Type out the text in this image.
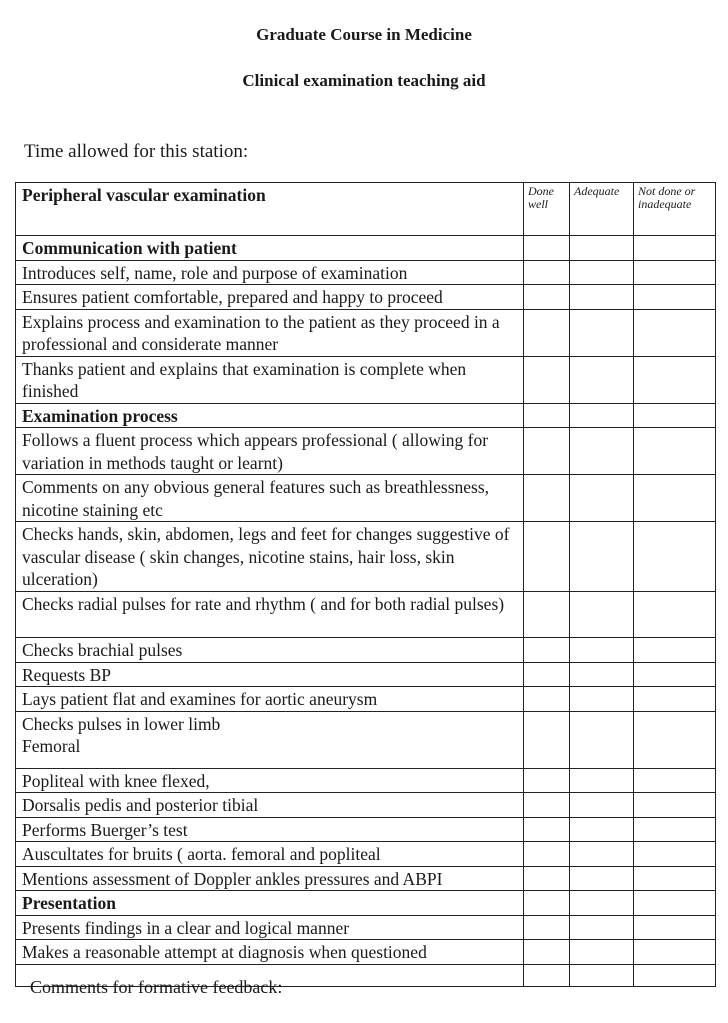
Graduate Course in Medicine
Clinical examination teaching aid
Time allowed for this station:
Peripheral vascular examination	Done well	Adequate	Not done or inadequate
Communication with patient			
Introduces self, name, role and purpose of examination			
Ensures patient comfortable, prepared and happy to proceed			
Explains process and examination to the patient as they proceed in a professional and considerate manner			
Thanks patient and explains that examination is complete when finished			
Examination process			
Follows a fluent process which appears professional ( allowing for variation in methods taught or learnt)			
Comments on any obvious general features such as breathlessness, nicotine staining etc			
Checks hands, skin, abdomen, legs and feet for changes suggestive of vascular disease ( skin changes, nicotine stains, hair loss, skin ulceration)			
Checks radial pulses for rate and rhythm ( and for both radial pulses)			
Checks brachial pulses			
Requests BP			
Lays patient flat and examines for aortic aneurysm			
Checks pulses in lower limb
Femoral			
Popliteal with knee flexed,			
Dorsalis pedis and posterior tibial			
Performs Buerger’s test			
Auscultates for bruits ( aorta. femoral and popliteal			
Mentions assessment of Doppler ankles pressures and ABPI			
Presentation			
Presents findings in a clear and logical manner			
Makes a reasonable attempt at diagnosis when questioned			

Comments for formative feedback:
